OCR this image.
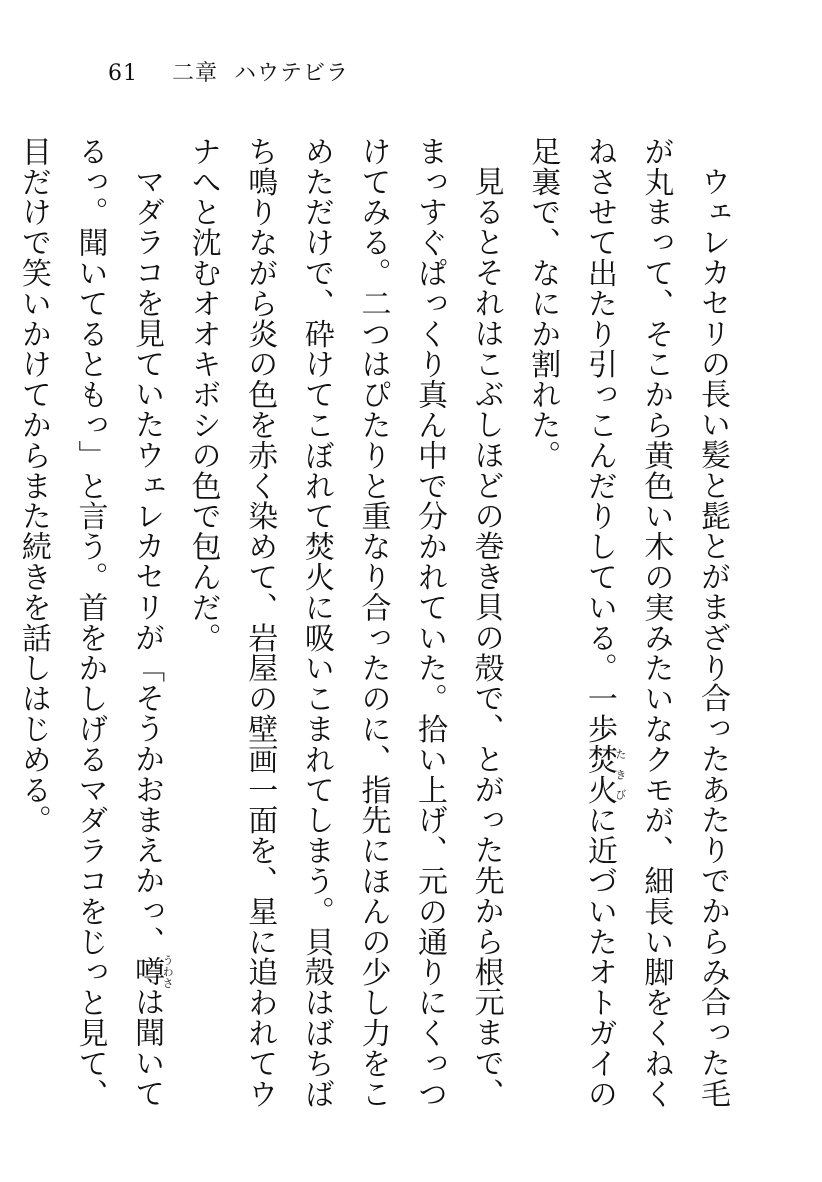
61 二章 ハウテビラ

ウェレカセリの長い髪と髭とがまざり合ったあたりでからみ合った毛が丸まって、そこから黄色い木の実みたいなクモが、細長い脚をくねくねさせて出たり引っこんだりしている。一歩焚火たきびに近づいたオトガイの足裏で、なにか割れた。

見るとそれはこぶしほどの巻き貝の殻で、とがった先から根元まで、まっすぐぱっくり真ん中で分かれていた。拾い上げ、元の通りにくっつけてみる。二つはぴたりと重なり合ったのに、指先にほんの少し力をこめただけで、砕けてこぼれて焚火に吸いこまれてしまう。貝殻はばちばち鳴りながら炎の色を赤く染めて、岩屋の壁画一面を、星に追われてウナへと沈むオオキボシの色で包んだ。

マダラコを見ていたウェレカセリが「そうかおまえかっ、噂うわさは聞いてるっ。聞いてるともっ」と言う。首をかしげるマダラコをじっと見て、目だけで笑いかけてからまた続きを話しはじめる。
